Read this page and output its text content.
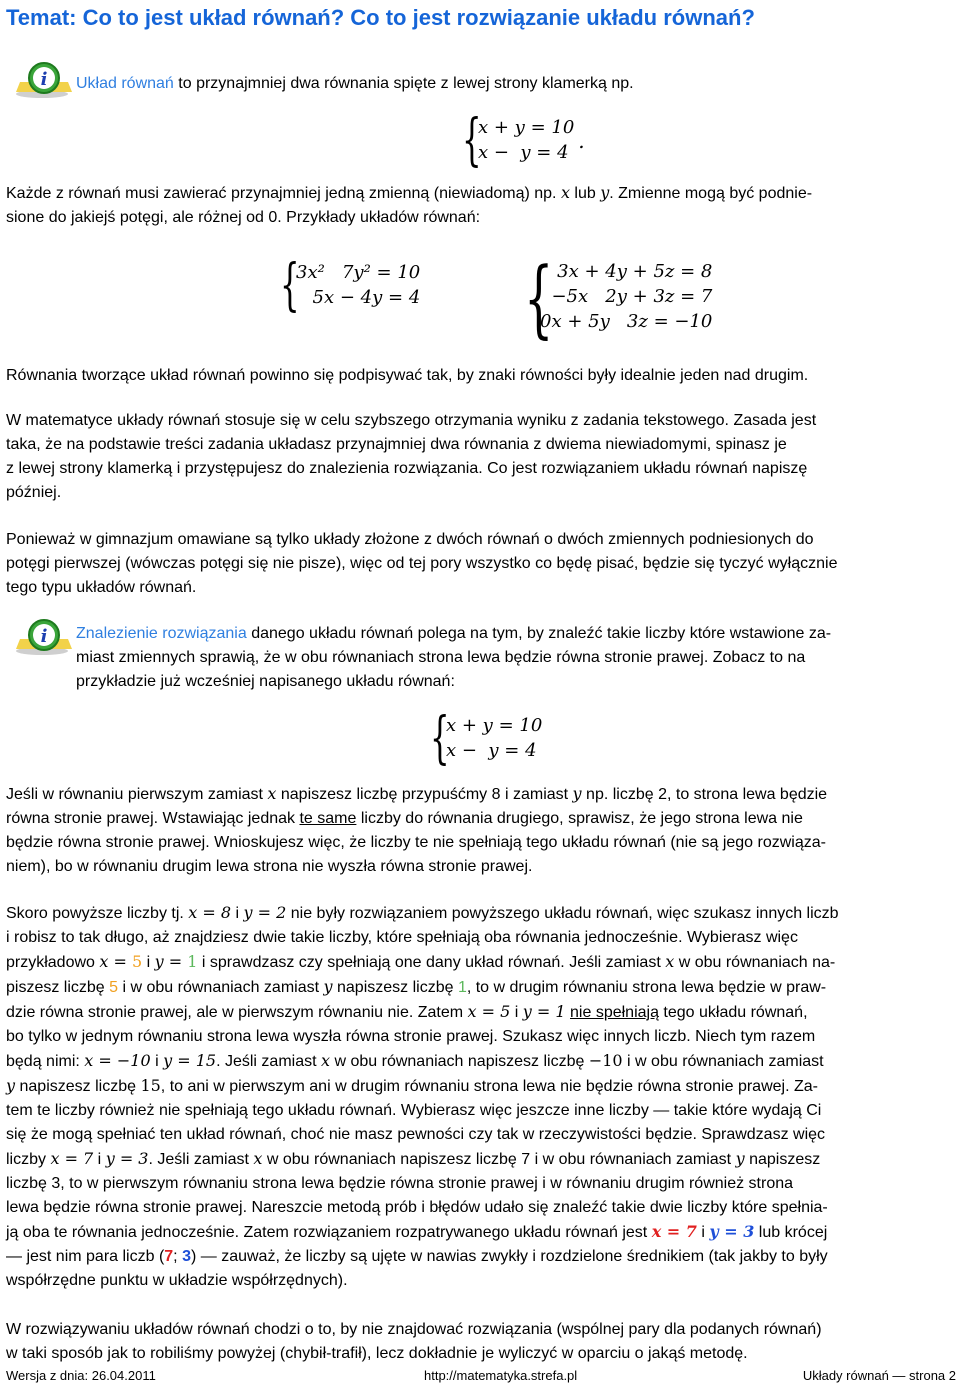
Temat: Co to jest układ równań? Co to jest rozwiązanie układu równań?
i Układ równań to przynajmniej dwa równania spięte z lewej strony klamerką np.

{
x + y = 10
x −  y = 4 .

Każde z równań musi zawierać przynajmniej jedną zmienną (niewiadomą) np. x lub y. Zmienne mogą być podnie-
sione do jakiejś potęgi, ale różnej od 0. Przykłady układów równań:

{
3x²   7y² = 10
5x − 4y = 4 { 3x + 4y + 5z = 8
−5x   2y + 3z = 7
0x + 5y   3z = −10

Równania tworzące układ równań powinno się podpisywać tak, by znaki równości były idealnie jeden nad drugim.

W matematyce układy równań stosuje się w celu szybszego otrzymania wyniku z zadania tekstowego. Zasada jest
taka, że na podstawie treści zadania układasz przynajmniej dwa równania z dwiema niewiadomymi, spinasz je
z lewej strony klamerką i przystępujesz do znalezienia rozwiązania. Co jest rozwiązaniem układu równań napiszę
później.

Ponieważ w gimnazjum omawiane są tylko układy złożone z dwóch równań o dwóch zmiennych podniesionych do
potęgi pierwszej (wówczas potęgi się nie pisze), więc od tej pory wszystko co będę pisać, będzie się tyczyć wyłącznie
tego typu układów równań.

i Znalezienie rozwiązania danego układu równań polega na tym, by znaleźć takie liczby które wstawione za-
miast zmiennych sprawią, że w obu równaniach strona lewa będzie równa stronie prawej. Zobacz to na
przykładzie już wcześniej napisanego układu równań:

{
x + y = 10
x −  y = 4

Jeśli w równaniu pierwszym zamiast x napiszesz liczbę przypuśćmy 8 i zamiast y np. liczbę 2, to strona lewa będzie
równa stronie prawej. Wstawiając jednak te same liczby do równania drugiego, sprawisz, że jego strona lewa nie
będzie równa stronie prawej. Wnioskujesz więc, że liczby te nie spełniają tego układu równań (nie są jego rozwiąza-
niem), bo w równaniu drugim lewa strona nie wyszła równa stronie prawej.

Skoro powyższe liczby tj. x = 8 i y = 2 nie były rozwiązaniem powyższego układu równań, więc szukasz innych liczb
i robisz to tak długo, aż znajdziesz dwie takie liczby, które spełniają oba równania jednocześnie. Wybierasz więc
przykładowo x = 5 i y = 1 i sprawdzasz czy spełniają one dany układ równań. Jeśli zamiast x w obu równaniach na-
piszesz liczbę 5 i w obu równaniach zamiast y napiszesz liczbę 1, to w drugim równaniu strona lewa będzie w praw-
dzie równa stronie prawej, ale w pierwszym równaniu nie. Zatem x = 5 i y = 1 nie spełniają tego układu równań,
bo tylko w jednym równaniu strona lewa wyszła równa stronie prawej. Szukasz więc innych liczb. Niech tym razem
będą nimi: x = −10 i y = 15. Jeśli zamiast x w obu równaniach napiszesz liczbę −10 i w obu równaniach zamiast
y napiszesz liczbę 15, to ani w pierwszym ani w drugim równaniu strona lewa nie będzie równa stronie prawej. Za-
tem te liczby również nie spełniają tego układu równań. Wybierasz więc jeszcze inne liczby — takie które wydają Ci
się że mogą spełniać ten układ równań, choć nie masz pewności czy tak w rzeczywistości będzie. Sprawdzasz więc
liczby x = 7 i y = 3. Jeśli zamiast x w obu równaniach napiszesz liczbę 7 i w obu równaniach zamiast y napiszesz
liczbę 3, to w pierwszym równaniu strona lewa będzie równa stronie prawej i w równaniu drugim również strona
lewa będzie równa stronie prawej. Nareszcie metodą prób i błędów udało się znaleźć takie dwie liczby które spełnia-
ją oba te równania jednocześnie. Zatem rozwiązaniem rozpatrywanego układu równań jest x = 7 i y = 3 lub krócej
— jest nim para liczb (7; 3) — zauważ, że liczby są ujęte w nawias zwykły i rozdzielone średnikiem (tak jakby to były
współrzędne punktu w układzie współrzędnych).

W rozwiązywaniu układów równań chodzi o to, by nie znajdować rozwiązania (wspólnej pary dla podanych równań)
w taki sposób jak to robiliśmy powyżej (chybił-trafił), lecz dokładnie je wyliczyć w oparciu o jakąś metodę.

Wersja z dnia: 26.04.2011	http://matematyka.strefa.pl	Układy równań — strona 2
